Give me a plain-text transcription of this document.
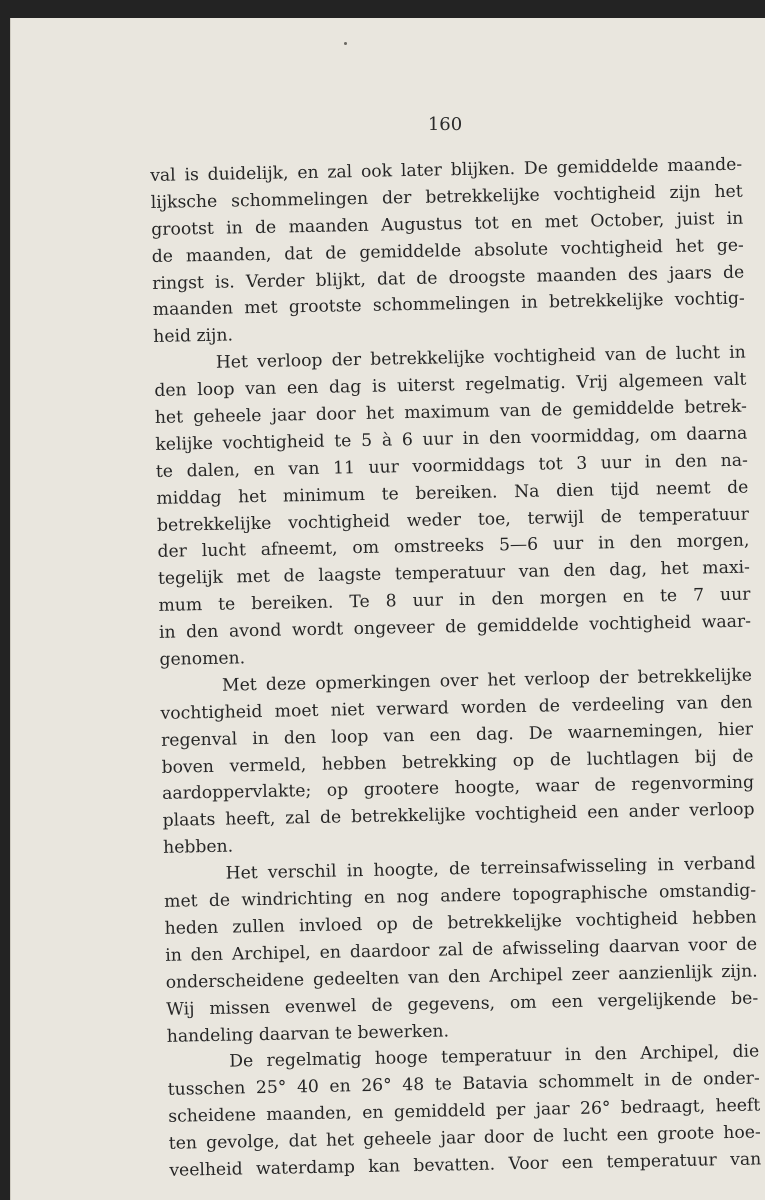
160
val is duidelijk, en zal ook later blijken. De gemiddelde maande-
lijksche schommelingen der betrekkelijke vochtigheid zijn het
grootst in de maanden Augustus tot en met October, juist in
de maanden, dat de gemiddelde absolute vochtigheid het ge-
ringst is. Verder blijkt, dat de droogste maanden des jaars de
maanden met grootste schommelingen in betrekkelijke vochtig-
heid zijn.
Het verloop der betrekkelijke vochtigheid van de lucht in
den loop van een dag is uiterst regelmatig. Vrij algemeen valt
het geheele jaar door het maximum van de gemiddelde betrek-
kelijke vochtigheid te 5 à 6 uur in den voormiddag, om daarna
te dalen, en van 11 uur voormiddags tot 3 uur in den na-
middag het minimum te bereiken. Na dien tijd neemt de
betrekkelijke vochtigheid weder toe, terwijl de temperatuur
der lucht afneemt, om omstreeks 5—6 uur in den morgen,
tegelijk met de laagste temperatuur van den dag, het maxi-
mum te bereiken. Te 8 uur in den morgen en te 7 uur
in den avond wordt ongeveer de gemiddelde vochtigheid waar-
genomen.
Met deze opmerkingen over het verloop der betrekkelijke
vochtigheid moet niet verward worden de verdeeling van den
regenval in den loop van een dag. De waarnemingen, hier
boven vermeld, hebben betrekking op de luchtlagen bij de
aardoppervlakte; op grootere hoogte, waar de regenvorming
plaats heeft, zal de betrekkelijke vochtigheid een ander verloop
hebben.
Het verschil in hoogte, de terreinsafwisseling in verband
met de windrichting en nog andere topographische omstandig-
heden zullen invloed op de betrekkelijke vochtigheid hebben
in den Archipel, en daardoor zal de afwisseling daarvan voor de
onderscheidene gedeelten van den Archipel zeer aanzienlijk zijn.
Wij missen evenwel de gegevens, om een vergelijkende be-
handeling daarvan te bewerken.
De regelmatig hooge temperatuur in den Archipel, die
tusschen 25° 40 en 26° 48 te Batavia schommelt in de onder-
scheidene maanden, en gemiddeld per jaar 26° bedraagt, heeft
ten gevolge, dat het geheele jaar door de lucht een groote hoe-
veelheid waterdamp kan bevatten. Voor een temperatuur van
